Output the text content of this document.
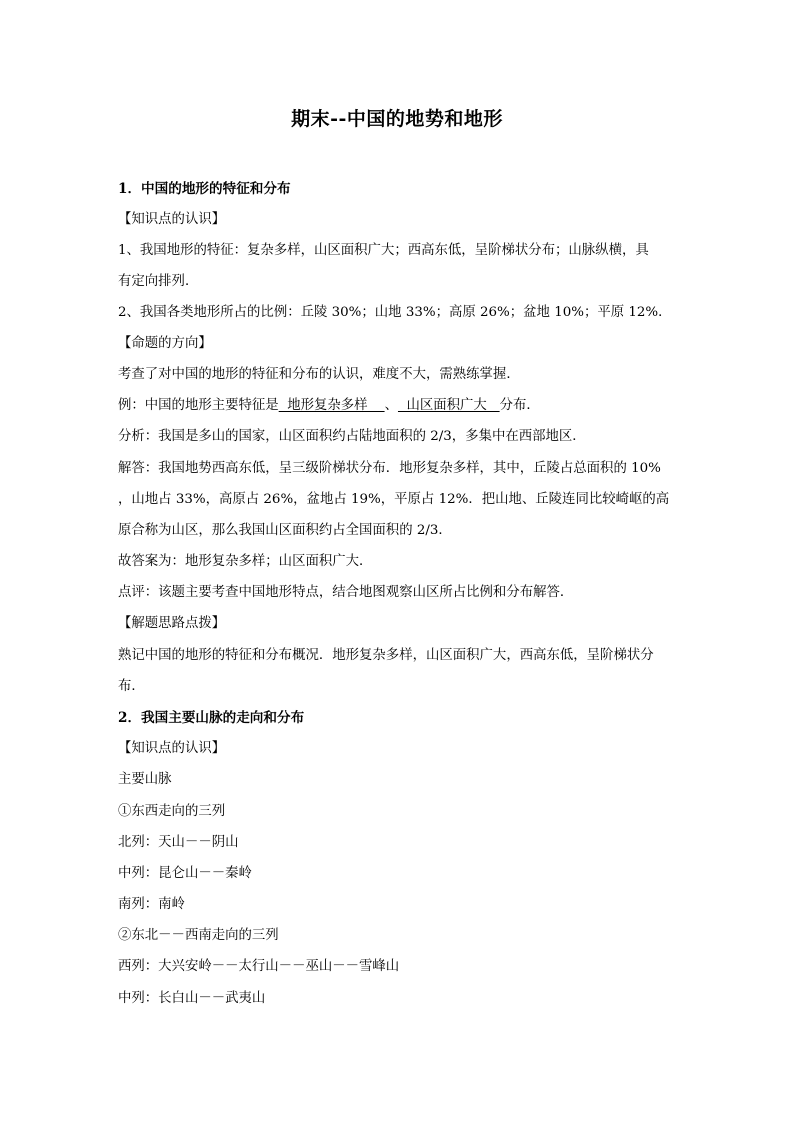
期末--中国的地势和地形
1．中国的地形的特征和分布
【知识点的认识】
1、我国地形的特征：复杂多样，山区面积广大；西高东低，呈阶梯状分布；山脉纵横，具
有定向排列．
2、我国各类地形所占的比例：丘陵 30%；山地 33%；高原 26%；盆地 10%；平原 12%．
【命题的方向】
考查了对中国的地形的特征和分布的认识，难度不大，需熟练掌握．
例：中国的地形主要特征是  地形复杂多样    、  山区面积广大   分布．
分析：我国是多山的国家，山区面积约占陆地面积的 2/3，多集中在西部地区．
解答：我国地势西高东低，呈三级阶梯状分布．地形复杂多样，其中，丘陵占总面积的 10%
，山地占 33%，高原占 26%，盆地占 19%，平原占 12%．把山地、丘陵连同比较崎岖的高
原合称为山区，那么我国山区面积约占全国面积的 2/3．
故答案为：地形复杂多样；山区面积广大．
点评：该题主要考查中国地形特点，结合地图观察山区所占比例和分布解答．
【解题思路点拨】
熟记中国的地形的特征和分布概况．地形复杂多样，山区面积广大，西高东低，呈阶梯状分
布．
2．我国主要山脉的走向和分布
【知识点的认识】
主要山脉
①东西走向的三列
北列：天山－－阴山
中列：昆仑山－－秦岭
南列：南岭
②东北－－西南走向的三列
西列：大兴安岭－－太行山－－巫山－－雪峰山
中列：长白山－－武夷山
